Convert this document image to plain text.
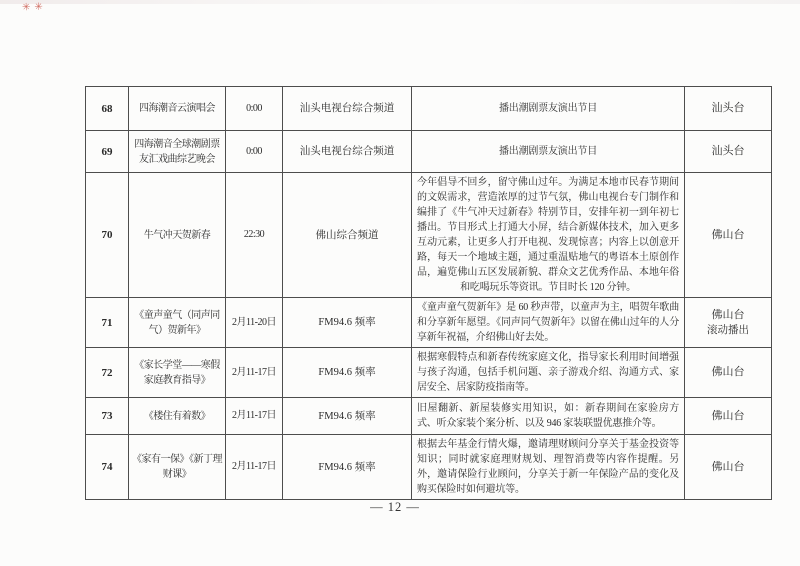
✳✳
68	四海潮音云演唱会	0:00	汕头电视台综合频道	播出潮剧票友演出节目	汕头台
69	四海潮音全球潮剧票友汇戏曲综艺晚会	0:00	汕头电视台综合频道	播出潮剧票友演出节目	汕头台
70	牛气冲天贺新春	22:30	佛山综合频道	今年倡导不回乡，留守佛山过年。为满足本地市民春节期间的文娱需求，营造浓厚的过节气氛，佛山电视台专门制作和编排了《牛气冲天过新春》特别节目，安排年初一到年初七播出。节目形式上打通大小屏，结合新媒体技术，加入更多互动元素，让更多人打开电视、发现惊喜；内容上以创意开路，每天一个地域主题，通过重温贴地气的粤语本土原创作品，遍览佛山五区发展新貌、群众文艺优秀作品、本地年俗和吃喝玩乐等资讯。节目时长 120 分钟。	佛山台
71	《童声童气（同声同气）贺新年》	2月11-20日	FM94.6 频率	《童声童气贺新年》是 60 秒声带，以童声为主，唱贺年歌曲和分享新年愿望。《同声同气贺新年》以留在佛山过年的人分享新年祝福，介绍佛山好去处。	佛山台
滚动播出

72	《家长学堂——寒假家庭教育指导》	2月11-17日	FM94.6 频率	根据寒假特点和新春传统家庭文化，指导家长利用时间增强与孩子沟通，包括手机问题、亲子游戏介绍、沟通方式、家居安全、居家防疫指南等。	佛山台
73	《楼住有着数》	2月11-17日	FM94.6 频率	旧屋翻新、新屋装修实用知识，如：新春期间在家验房方式、听众家装个案分析、以及 946 家装联盟优惠推介等。	佛山台
74	《家有一保》《新丁理财课》	2月11-17日	FM94.6 频率	根据去年基金行情火爆，邀请理财顾问分享关于基金投资等知识；同时就家庭理财规划、理智消费等内容作提醒。另外，邀请保险行业顾问，分享关于新一年保险产品的变化及购买保险时如何避坑等。	佛山台
— 12 —
